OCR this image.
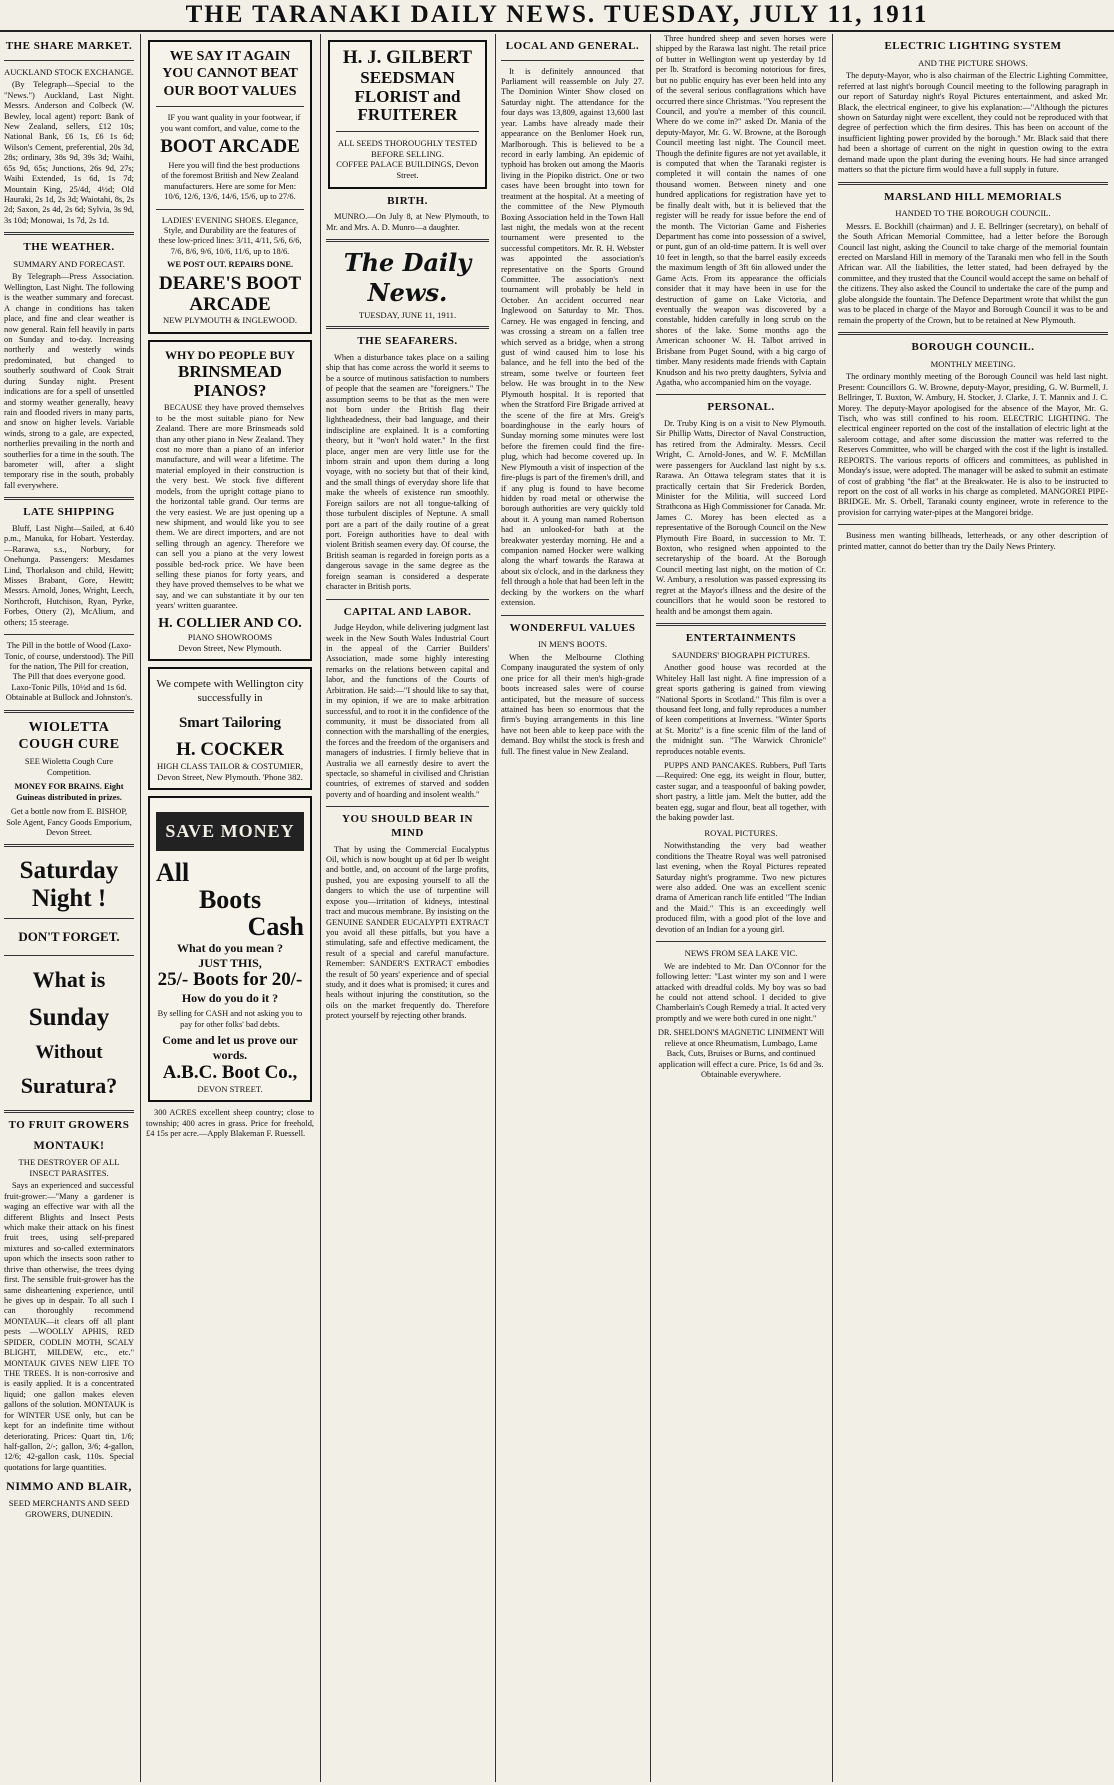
THE TARANAKI DAILY NEWS. TUESDAY, JULY 11, 1911
THE SHARE MARKET.
AUCKLAND STOCK EXCHANGE.

(By Telegraph—Special to the "News.") Auckland, Last Night. Messrs. Anderson and Colbeck (W. Bewley, local agent) report: Bank of New Zealand, sellers, £12 10s; National Bank, £6 1s, £6 1s 6d; Wilson's Cement, preferential, 20s 3d, 28s; ordinary, 38s 9d, 39s 3d; Waihi, 65s 9d, 65s; Junctions, 26s 9d, 27s; Waihi Extended, 1s 6d, 1s 7d; Mountain King, 25/4d, 4½d; Old Hauraki, 2s 1d, 2s 3d; Waiotahi, 8s, 2s 2d; Saxon, 2s 4d, 2s 6d; Sylvia, 3s 9d, 3s 10d; Monowai, 1s 7d, 2s 1d.

THE WEATHER.
SUMMARY AND FORECAST.

By Telegraph—Press Association. Wellington, Last Night. The following is the weather summary and forecast. A change in conditions has taken place, and fine and clear weather is now general. Rain fell heavily in parts on Sunday and to-day. Increasing northerly and westerly winds predominated, but changed to southerly southward of Cook Strait during Sunday night. Present indications are for a spell of unsettled and stormy weather generally, heavy rain and flooded rivers in many parts, and snow on higher levels. Variable winds, strong to a gale, are expected, northerlies prevailing in the north and southerlies for a time in the south. The barometer will, after a slight temporary rise in the south, probably fall everywhere.

LATE SHIPPING

Bluff, Last Night—Sailed, at 6.40 p.m., Manuka, for Hobart. Yesterday.—Rarawa, s.s., Norbury, for Onehunga. Passengers: Mesdames Lind, Thorlakson and child, Hewitt; Misses Brabant, Gore, Hewitt; Messrs. Arnold, Jones, Wright, Leech, Northcroft, Hutchison, Ryan, Pyrke, Forbes, Ottery (2), McAlium, and others; 15 steerage.

The Pill in the bottle of Wood (Laxo-Tonic, of course, understood). The Pill for the nation, The Pill for creation, The Pill that does everyone good. Laxo-Tonic Pills, 10½d and 1s 6d. Obtainable at Bullock and Johnston's.

WIOLETTA COUGH CURE

SEE Wioletta Cough Cure Competition.

MONEY FOR BRAINS. Eight Guineas distributed in prizes.

Get a bottle now from E. BISHOP, Sole Agent, Fancy Goods Emporium, Devon Street.

Saturday
Night !
DON'T FORGET.
What is
Sunday
Without
Suratura?
TO FRUIT GROWERS
MONTAUK!
THE DESTROYER OF ALL INSECT PARASITES.

Says an experienced and successful fruit-grower:—"Many a gardener is waging an effective war with all the different Blights and Insect Pests which make their attack on his finest fruit trees, using self-prepared mixtures and so-called exterminators upon which the insects soon rather to thrive than otherwise, the trees dying first. The sensible fruit-grower has the same disheartening experience, until he gives up in despair. To all such I can thoroughly recommend MONTAUK—it clears off all plant pests —WOOLLY APHIS, RED SPIDER, CODLIN MOTH, SCALY BLIGHT, MILDEW, etc., etc." MONTAUK GIVES NEW LIFE TO THE TREES. It is non-corrosive and is easily applied. It is a concentrated liquid; one gallon makes eleven gallons of the solution. MONTAUK is for WINTER USE only, but can be kept for an indefinite time without deteriorating. Prices: Quart tin, 1/6; half-gallon, 2/-; gallon, 3/6; 4-gallon, 12/6; 42-gallon cask, 110s. Special quotations for large quantities.

NIMMO AND BLAIR,
SEED MERCHANTS AND SEED GROWERS, DUNEDIN.
WE SAY IT AGAIN YOU CANNOT BEAT OUR BOOT VALUES

IF you want quality in your footwear, if you want comfort, and value, come to the

BOOT ARCADE

Here you will find the best productions of the foremost British and New Zealand manufacturers. Here are some for Men: 10/6, 12/6, 13/6, 14/6, 15/6, up to 27/6.

LADIES' EVENING SHOES. Elegance, Style, and Durability are the features of these low-priced lines: 3/11, 4/11, 5/6, 6/6, 7/6, 8/6, 9/6, 10/6, 11/6, up to 18/6.

WE POST OUT. REPAIRS DONE.

DEARE'S BOOT ARCADE
NEW PLYMOUTH & INGLEWOOD.
WHY DO PEOPLE BUY
BRINSMEAD PIANOS?

BECAUSE they have proved themselves to be the most suitable piano for New Zealand. There are more Brinsmeads sold than any other piano in New Zealand. They cost no more than a piano of an inferior manufacture, and will wear a lifetime. The material employed in their construction is the very best. We stock five different models, from the upright cottage piano to the horizontal table grand. Our terms are the very easiest. We are just opening up a new shipment, and would like you to see them. We are direct importers, and are not selling through an agency. Therefore we can sell you a piano at the very lowest possible bed-rock price. We have been selling these pianos for forty years, and they have proved themselves to be what we say, and we can substantiate it by our ten years' written guarantee.

H. COLLIER AND CO.
PIANO SHOWROOMS
Devon Street, New Plymouth.

We compete with Wellington city successfully in

Smart Tailoring
H. COCKER
HIGH CLASS TAILOR & COSTUMIER,
Devon Street, New Plymouth. 'Phone 382.
SAVE MONEY
All
Boots
Cash
What do you mean ?
JUST THIS,
25/- Boots for 20/-
How do you do it ?

By selling for CASH and not asking you to pay for other folks' bad debts.

Come and let us prove our words.
A.B.C. Boot Co.,
DEVON STREET.

300 ACRES excellent sheep country; close to township; 400 acres in grass. Price for freehold, £4 15s per acre.—Apply Blakeman F. Ruessell.

H. J. GILBERT
SEEDSMAN FLORIST and FRUITERER
ALL SEEDS THOROUGHLY TESTED BEFORE SELLING.
COFFEE PALACE BUILDINGS, Devon Street.
BIRTH.

MUNRO.—On July 8, at New Plymouth, to Mr. and Mrs. A. D. Munro—a daughter.

The Daily News.
TUESDAY, JUNE 11, 1911.
THE SEAFARERS.

When a disturbance takes place on a sailing ship that has come across the world it seems to be a source of mutinous satisfaction to numbers of people that the seamen are "foreigners." The assumption seems to be that as the men were not born under the British flag their lightheadedness, their bad language, and their indiscipline are explained. It is a comforting theory, but it "won't hold water." In the first place, anger men are very little use for the inborn strain and upon them during a long voyage, with no society but that of their kind, and the small things of everyday shore life that make the wheels of existence run smoothly. Foreign sailors are not all tongue-talking of those turbulent disciples of Neptune. A small port are a part of the daily routine of a great port. Foreign authorities have to deal with violent British seamen every day. Of course, the British seaman is regarded in foreign ports as a dangerous savage in the same degree as the foreign seaman is considered a desperate character in British ports.

CAPITAL AND LABOR.

Judge Heydon, while delivering judgment last week in the New South Wales Industrial Court in the appeal of the Carrier Builders' Association, made some highly interesting remarks on the relations between capital and labor, and the functions of the Courts of Arbitration. He said:—"I should like to say that, in my opinion, if we are to make arbitration successful, and to root it in the confidence of the community, it must be dissociated from all connection with the marshalling of the energies, the forces and the freedom of the organisers and managers of industries. I firmly believe that in Australia we all earnestly desire to avert the spectacle, so shameful in civilised and Christian countries, of extremes of starved and sodden poverty and of hoarding and insolent wealth."

YOU SHOULD BEAR IN MIND

That by using the Commercial Eucalyptus Oil, which is now bought up at 6d per lb weight and bottle, and, on account of the large profits, pushed, you are exposing yourself to all the dangers to which the use of turpentine will expose you—irritation of kidneys, intestinal tract and mucous membrane. By insisting on the GENUINE SANDER EUCALYPTI EXTRACT you avoid all these pitfalls, but you have a stimulating, safe and effective medicament, the result of a special and careful manufacture. Remember: SANDER'S EXTRACT embodies the result of 50 years' experience and of special study, and it does what is promised; it cures and heals without injuring the constitution, so the oils on the market frequently do. Therefore protect yourself by rejecting other brands.

LOCAL AND GENERAL.

It is definitely announced that Parliament will reassemble on July 27. The Dominion Winter Show closed on Saturday night. The attendance for the four days was 13,809, against 13,600 last year. Lambs have already made their appearance on the Benlomer Hoek run, Marlborough. This is believed to be a record in early lambing. An epidemic of typhoid has broken out among the Maoris living in the Piopiko district. One or two cases have been brought into town for treatment at the hospital. At a meeting of the committee of the New Plymouth Boxing Association held in the Town Hall last night, the medals won at the recent tournament were presented to the successful competitors. Mr. R. H. Webster was appointed the association's representative on the Sports Ground Committee. The association's next tournament will probably be held in October. An accident occurred near Inglewood on Saturday to Mr. Thos. Carney. He was engaged in fencing, and was crossing a stream on a fallen tree which served as a bridge, when a strong gust of wind caused him to lose his balance, and he fell into the bed of the stream, some twelve or fourteen feet below. He was brought in to the New Plymouth hospital. It is reported that when the Stratford Fire Brigade arrived at the scene of the fire at Mrs. Greig's boardinghouse in the early hours of Sunday morning some minutes were lost before the firemen could find the fire-plug, which had become covered up. In New Plymouth a visit of inspection of the fire-plugs is part of the firemen's drill, and if any plug is found to have become hidden by road metal or otherwise the borough authorities are very quickly told about it. A young man named Robertson had an unlooked-for bath at the breakwater yesterday morning. He and a companion named Hocker were walking along the wharf towards the Rarawa at about six o'clock, and in the darkness they fell through a hole that had been left in the decking by the workers on the wharf extension.

WONDERFUL VALUES
IN MEN'S BOOTS.

When the Melbourne Clothing Company inaugurated the system of only one price for all their men's high-grade boots increased sales were of course anticipated, but the measure of success attained has been so enormous that the firm's buying arrangements in this line have not been able to keep pace with the demand. Buy whilst the stock is fresh and full. The finest value in New Zealand.

Three hundred sheep and seven horses were shipped by the Rarawa last night. The retail price of butter in Wellington went up yesterday by 1d per lb. Stratford is becoming notorious for fires, but no public enquiry has ever been held into any of the several serious conflagrations which have occurred there since Christmas. "You represent the Council, and you're a member of this council. Where do we come in?" asked Dr. Mania of the deputy-Mayor, Mr. G. W. Browne, at the Borough Council meeting last night. The Council meet. Though the definite figures are not yet available, it is computed that when the Taranaki register is completed it will contain the names of one thousand women. Between ninety and one hundred applications for registration have yet to be finally dealt with, but it is believed that the register will be ready for issue before the end of the month. The Victorian Game and Fisheries Department has come into possession of a swivel, or punt, gun of an old-time pattern. It is well over 10 feet in length, so that the barrel easily exceeds the maximum length of 3ft 6in allowed under the Game Acts. From its appearance the officials consider that it may have been in use for the destruction of game on Lake Victoria, and eventually the weapon was discovered by a constable, hidden carefully in long scrub on the shores of the lake. Some months ago the American schooner W. H. Talbot arrived in Brisbane from Puget Sound, with a big cargo of timber. Many residents made friends with Captain Knudson and his two pretty daughters, Sylvia and Agatha, who accompanied him on the voyage.

PERSONAL.

Dr. Truby King is on a visit to New Plymouth. Sir Phillip Watts, Director of Naval Construction, has retired from the Admiralty. Messrs. Cecil Wright, C. Arnold-Jones, and W. F. McMillan were passengers for Auckland last night by s.s. Rarawa. An Ottawa telegram states that it is practically certain that Sir Frederick Borden, Minister for the Militia, will succeed Lord Strathcona as High Commissioner for Canada. Mr. James C. Morey has been elected as a representative of the Borough Council on the New Plymouth Fire Board, in succession to Mr. T. Boxton, who resigned when appointed to the secretaryship of the board. At the Borough Council meeting last night, on the motion of Cr. W. Ambury, a resolution was passed expressing its regret at the Mayor's illness and the desire of the councillors that he would soon be restored to health and be amongst them again.

ENTERTAINMENTS
SAUNDERS' BIOGRAPH PICTURES.

Another good house was recorded at the Whiteley Hall last night. A fine impression of a great sports gathering is gained from viewing "National Sports in Scotland." This film is over a thousand feet long, and fully reproduces a number of keen competitions at Inverness. "Winter Sports at St. Moritz" is a fine scenic film of the land of the midnight sun. "The Warwick Chronicle" reproduces notable events.

PUPPS AND PANCAKES. Rubbers, Pufl Tarts—Required: One egg, its weight in flour, butter, caster sugar, and a teaspoonful of baking powder, short pastry, a little jam. Melt the butter, add the beaten egg, sugar and flour, beat all together, with the baking powder last.

ROYAL PICTURES.

Notwithstanding the very bad weather conditions the Theatre Royal was well patronised last evening, when the Royal Pictures repeated Saturday night's programme. Two new pictures were also added. One was an excellent scenic drama of American ranch life entitled "The Indian and the Maid." This is an exceedingly well produced film, with a good plot of the love and devotion of an Indian for a young girl.

NEWS FROM SEA LAKE VIC.

We are indebted to Mr. Dan O'Connor for the following letter: "Last winter my son and I were attacked with dreadful colds. My boy was so bad he could not attend school. I decided to give Chamberlain's Cough Remedy a trial. It acted very promptly and we were both cured in one night."

DR. SHELDON'S MAGNETIC LINIMENT Will relieve at once Rheumatism, Lumbago, Lame Back, Cuts, Bruises or Burns, and continued application will effect a cure. Price, 1s 6d and 3s. Obtainable everywhere.

ELECTRIC LIGHTING SYSTEM
AND THE PICTURE SHOWS.

The deputy-Mayor, who is also chairman of the Electric Lighting Committee, referred at last night's borough Council meeting to the following paragraph in our report of Saturday night's Royal Pictures entertainment, and asked Mr. Black, the electrical engineer, to give his explanation:—"Although the pictures shown on Saturday night were excellent, they could not be reproduced with that degree of perfection which the firm desires. This has been on account of the insufficient lighting power provided by the borough." Mr. Black said that there had been a shortage of current on the night in question owing to the extra demand made upon the plant during the evening hours. He had since arranged matters so that the picture firm would have a full supply in future.

MARSLAND HILL MEMORIALS
HANDED TO THE BOROUGH COUNCIL.

Messrs. E. Bockhill (chairman) and J. E. Bellringer (secretary), on behalf of the South African Memorial Committee, had a letter before the Borough Council last night, asking the Council to take charge of the memorial fountain erected on Marsland Hill in memory of the Taranaki men who fell in the South African war. All the liabilities, the letter stated, had been defrayed by the committee, and they trusted that the Council would accept the same on behalf of the citizens. They also asked the Council to undertake the care of the pump and globe alongside the fountain. The Defence Department wrote that whilst the gun was to be placed in charge of the Mayor and Borough Council it was to be and remain the property of the Crown, but to be retained at New Plymouth.

BOROUGH COUNCIL.
MONTHLY MEETING.

The ordinary monthly meeting of the Borough Council was held last night. Present: Councillors G. W. Browne, deputy-Mayor, presiding, G. W. Burmell, J. Bellringer, T. Buxton, W. Ambury, H. Stocker, J. Clarke, J. T. Mannix and J. C. Morey. The deputy-Mayor apologised for the absence of the Mayor, Mr. G. Tisch, who was still confined to his room. ELECTRIC LIGHTING. The electrical engineer reported on the cost of the installation of electric light at the saleroom cottage, and after some discussion the matter was referred to the Reserves Committee, who will be charged with the cost if the light is installed. REPORTS. The various reports of officers and committees, as published in Monday's issue, were adopted. The manager will be asked to submit an estimate of cost of grabbing "the flat" at the Breakwater. He is also to be instructed to report on the cost of all works in his charge as completed. MANGOREI PIPE-BRIDGE. Mr. S. Orbell, Taranaki county engineer, wrote in reference to the provision for carrying water-pipes at the Mangorei bridge.

Business men wanting billheads, letterheads, or any other description of printed matter, cannot do better than try the Daily News Printery.
